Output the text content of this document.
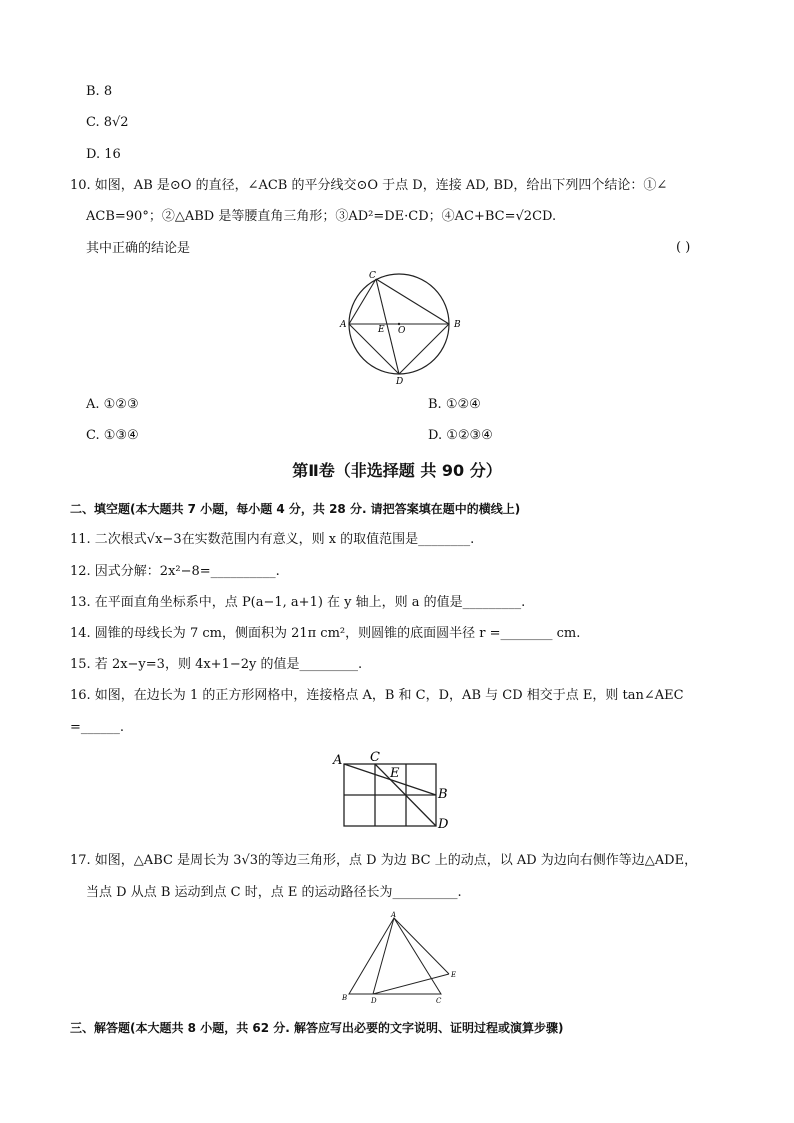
B. 8
C. 8√2
D. 16
10. 如图，AB 是⊙O 的直径，∠ACB 的平分线交⊙O 于点 D，连接 AD, BD，给出下列四个结论：①∠
ACB=90°；②△ABD 是等腰直角三角形；③AD²=DE·CD；④AC+BC=√2CD.
其中正确的结论是	( )
C
A	B
E O
D
A. ①②③	B. ①②④
C. ①③④	D. ①②③④
第Ⅱ卷（非选择题 共 90 分）
二、填空题(本大题共 7 小题，每小题 4 分，共 28 分. 请把答案填在题中的横线上)
11. 二次根式√x−3在实数范围内有意义，则 x 的取值范围是________.
12. 因式分解：2x²−8=__________.
13. 在平面直角坐标系中，点 P(a−1, a+1) 在 y 轴上，则 a 的值是_________.
14. 圆锥的母线长为 7 cm，侧面积为 21π cm²，则圆锥的底面圆半径 r =________ cm.
15. 若 2x−y=3，则 4x+1−2y 的值是_________.
16. 如图，在边长为 1 的正方形网格中，连接格点 A，B 和 C，D，AB 与 CD 相交于点 E，则 tan∠AEC
=______.
A C
E
B
D
17. 如图，△ABC 是周长为 3√3的等边三角形，点 D 为边 BC 上的动点，以 AD 为边向右侧作等边△ADE，
当点 D 从点 B 运动到点 C 时，点 E 的运动路径长为__________.
A
B	D	C
E
三、解答题(本大题共 8 小题，共 62 分. 解答应写出必要的文字说明、证明过程或演算步骤)
